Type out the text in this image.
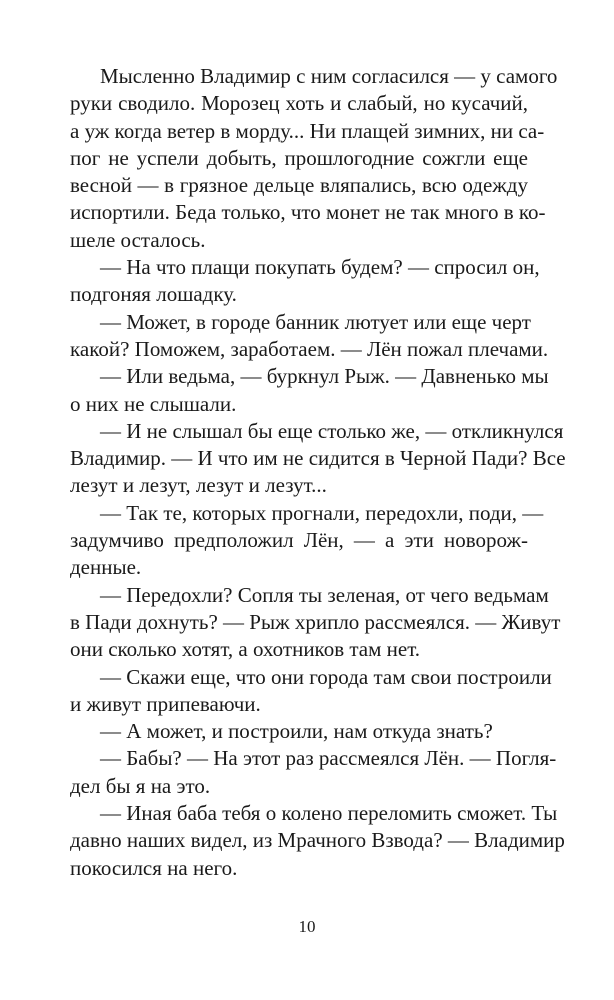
Мысленно Владимир с ним согласился — у самого
руки сводило. Морозец хоть и слабый, но кусачий,
а уж когда ветер в морду... Ни плащей зимних, ни са-
пог не успели добыть, прошлогодние сожгли еще
весной — в грязное дельце вляпались, всю одежду
испортили. Беда только, что монет не так много в ко-
шеле осталось.
— На что плащи покупать будем? — спросил он,
подгоняя лошадку.
— Может, в городе банник лютует или еще черт
какой? Поможем, заработаем. — Лён пожал плечами.
— Или ведьма, — буркнул Рыж. — Давненько мы
о них не слышали.
— И не слышал бы еще столько же, — откликнулся
Владимир. — И что им не сидится в Черной Пади? Все
лезут и лезут, лезут и лезут...
— Так те, которых прогнали, передохли, поди, —
задумчиво предположил Лён, — а эти новорож-
денные.
— Передохли? Сопля ты зеленая, от чего ведьмам
в Пади дохнуть? — Рыж хрипло рассмеялся. — Живут
они сколько хотят, а охотников там нет.
— Скажи еще, что они города там свои построили
и живут припеваючи.
— А может, и построили, нам откуда знать?
— Бабы? — На этот раз рассмеялся Лён. — Погля-
дел бы я на это.
— Иная баба тебя о колено переломить сможет. Ты
давно наших видел, из Мрачного Взвода? — Владимир
покосился на него.
10
